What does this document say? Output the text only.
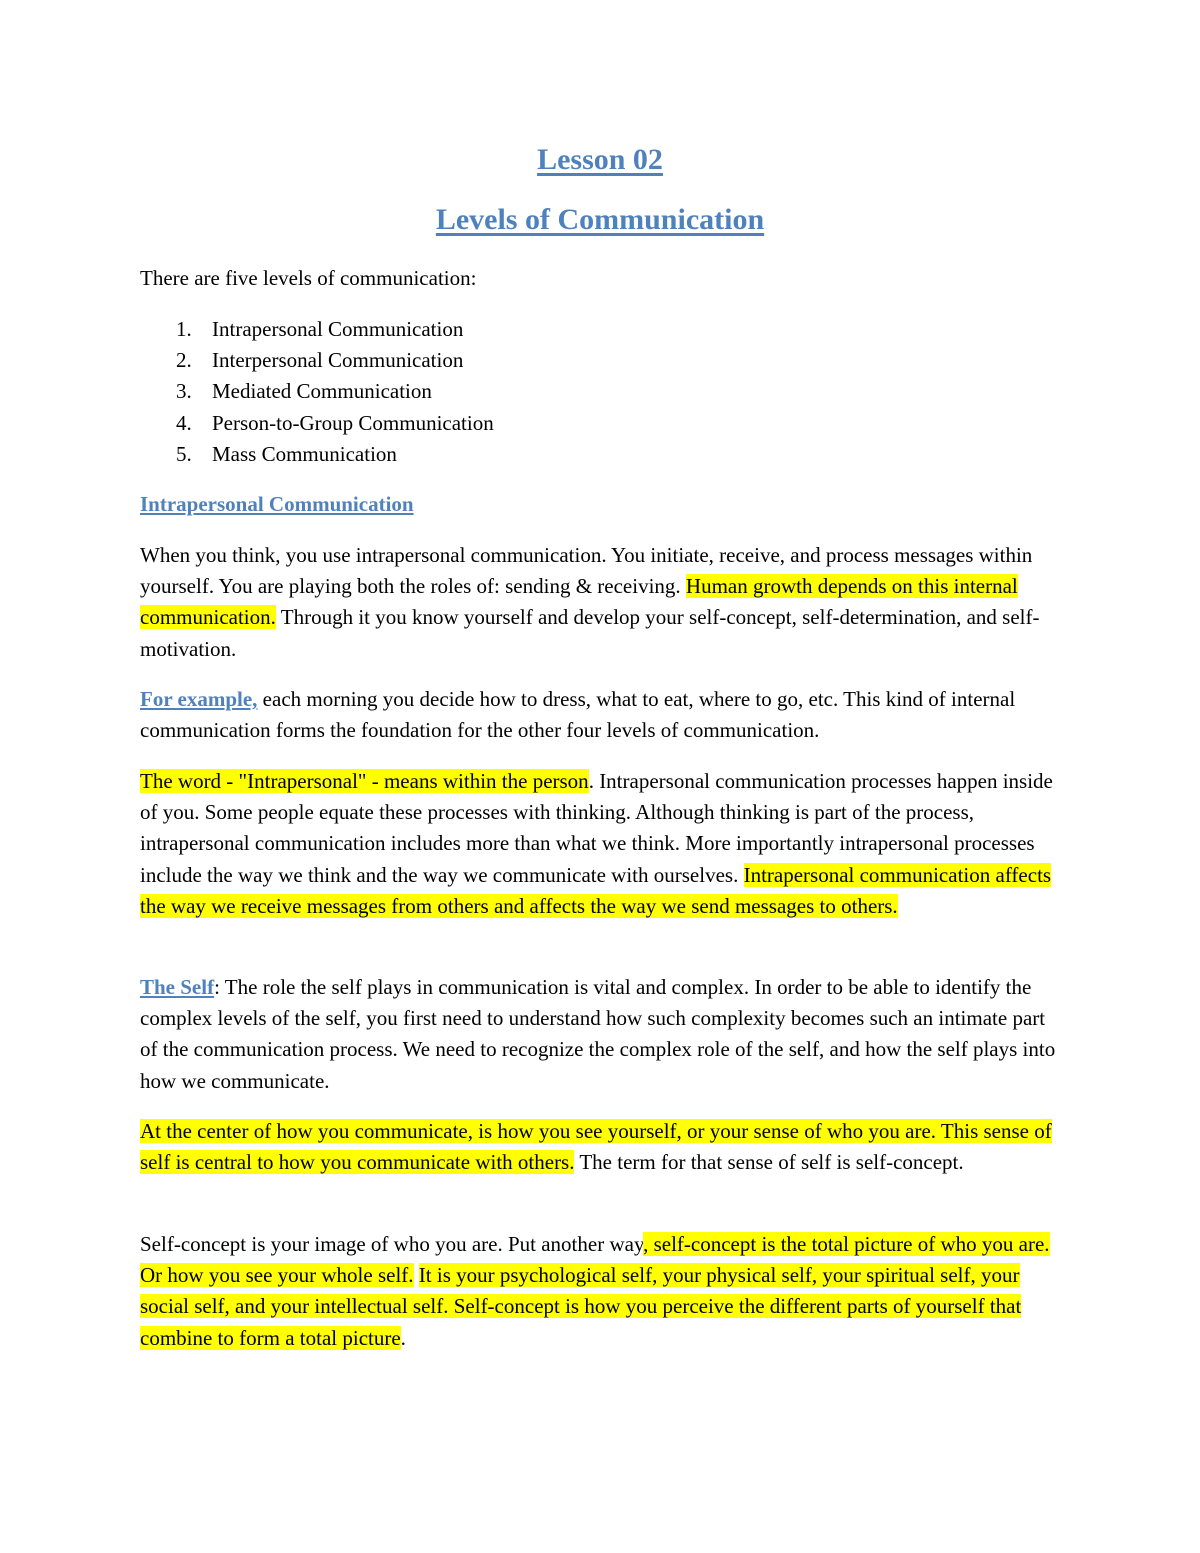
Lesson 02
Levels of Communication

There are five levels of communication:

1. Intrapersonal Communication
2. Interpersonal Communication
3. Mediated Communication
4. Person-to-Group Communication
5. Mass Communication
Intrapersonal Communication

When you think, you use intrapersonal communication. You initiate, receive, and process messages within yourself. You are playing both the roles of: sending & receiving. Human growth depends on this internal communication. Through it you know yourself and develop your self-concept, self-determination, and self-motivation.

For example, each morning you decide how to dress, what to eat, where to go, etc. This kind of internal communication forms the foundation for the other four levels of communication.

The word - "Intrapersonal" - means within the person. Intrapersonal communication processes happen inside of you. Some people equate these processes with thinking. Although thinking is part of the process, intrapersonal communication includes more than what we think. More importantly intrapersonal processes include the way we think and the way we communicate with ourselves. Intrapersonal communication affects the way we receive messages from others and affects the way we send messages to others.

The Self: The role the self plays in communication is vital and complex. In order to be able to identify the complex levels of the self, you first need to understand how such complexity becomes such an intimate part of the communication process. We need to recognize the complex role of the self, and how the self plays into how we communicate.

At the center of how you communicate, is how you see yourself, or your sense of who you are. This sense of self is central to how you communicate with others. The term for that sense of self is self-concept.

Self-concept is your image of who you are. Put another way, self-concept is the total picture of who you are. Or how you see your whole self. It is your psychological self, your physical self, your spiritual self, your social self, and your intellectual self. Self-concept is how you perceive the different parts of yourself that combine to form a total picture.
